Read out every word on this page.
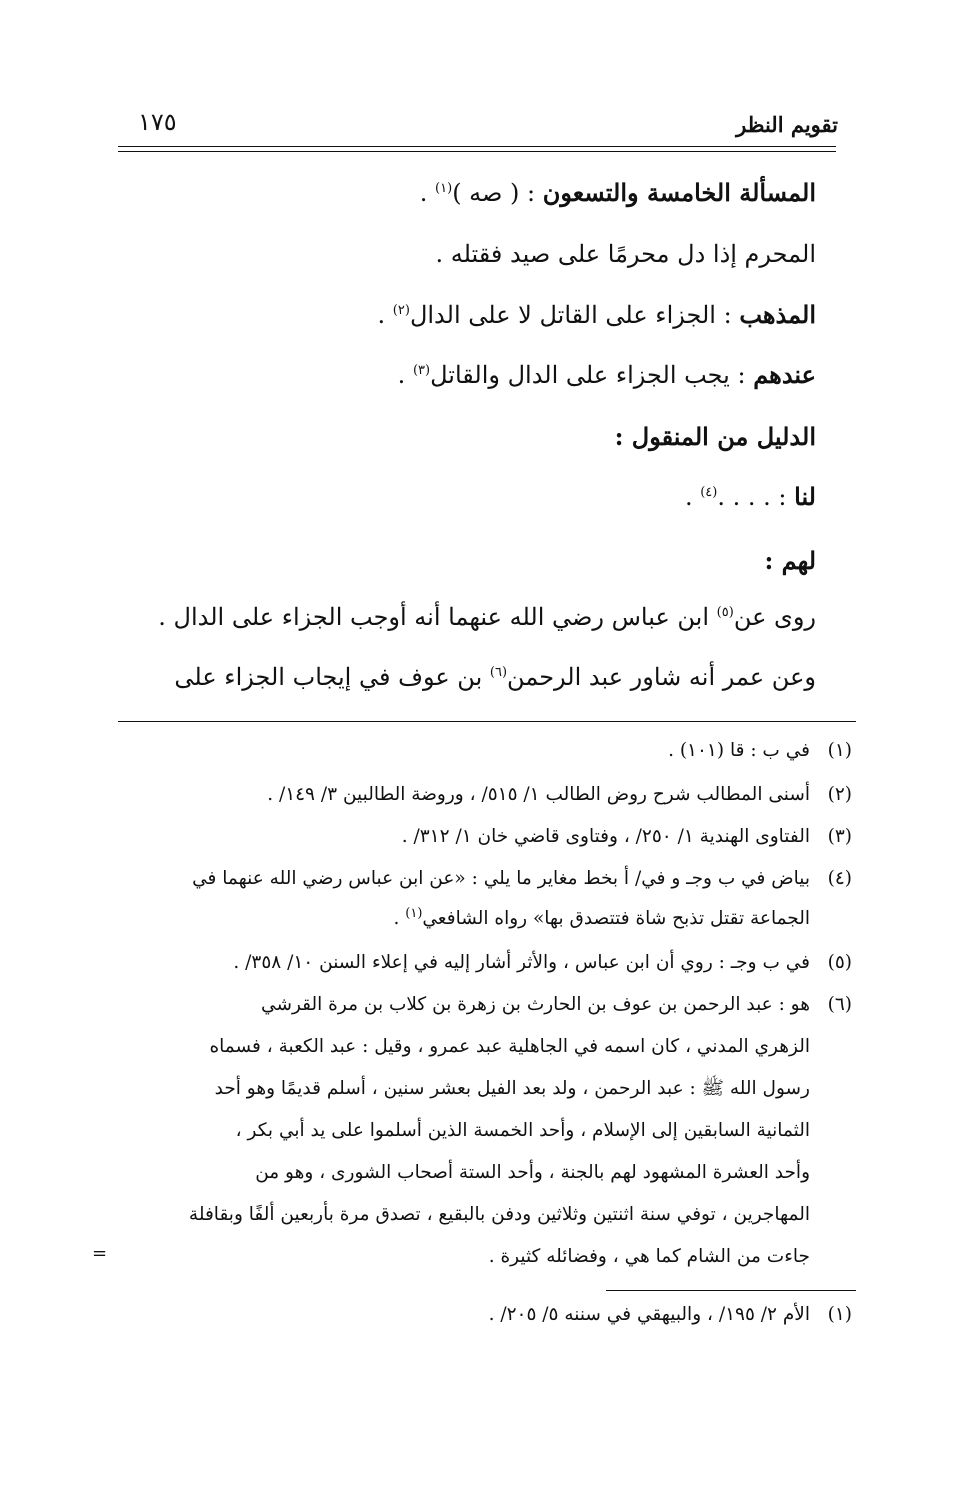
تقويم النظر
١٧٥
المسألة الخامسة والتسعون : ( صه )$^{(١)}$ .
المحرم إذا دل محرمًا على صيد فقتله .
المذهب : الجزاء على القاتل لا على الدال$^{(٢)}$ .
عندهم : يجب الجزاء على الدال والقاتل$^{(٣)}$ .
الدليل من المنقول :
لنا : . . . .$^{(٤)}$ .
لهم :
روى عن$^{(٥)}$ ابن عباس رضي الله عنهما أنه أوجب الجزاء على الدال .
وعن عمر أنه شاور عبد الرحمن$^{(٦)}$ بن عوف في إيجاب الجزاء على
(١)في ب : قا (١٠١) .
(٢)أسنى المطالب شرح روض الطالب ١/ ٥١٥/ ، وروضة الطالبين ٣/ ١٤٩/ .
(٣)الفتاوى الهندية ١/ ٢٥٠/ ، وفتاوى قاضي خان ١/ ٣١٢/ .
(٤)بياض في ب وجـ و في/ أ بخط مغاير ما يلي : «عن ابن عباس رضي الله عنهما في
الجماعة تقتل تذبح شاة فتتصدق بها» رواه الشافعي$^{(١)}$ .
(٥)في ب وجـ : روي أن ابن عباس ، والأثر أشار إليه في إعلاء السنن ١٠/ ٣٥٨/ .
(٦)هو : عبد الرحمن بن عوف بن الحارث بن زهرة بن كلاب بن مرة القرشي
الزهري المدني ، كان اسمه في الجاهلية عبد عمرو ، وقيل : عبد الكعبة ، فسماه
رسول الله ﷺ : عبد الرحمن ، ولد بعد الفيل بعشر سنين ، أسلم قديمًا وهو أحد
الثمانية السابقين إلى الإسلام ، وأحد الخمسة الذين أسلموا على يد أبي بكر ،
وأحد العشرة المشهود لهم بالجنة ، وأحد الستة أصحاب الشورى ، وهو من
المهاجرين ، توفي سنة اثنتين وثلاثين ودفن بالبقيع ، تصدق مرة بأربعين ألفًا وبقافلة
جاءت من الشام كما هي ، وفضائله كثيرة .
=
(١)الأم ٢/ ١٩٥/ ، والبيهقي في سننه ٥/ ٢٠٥/ .
